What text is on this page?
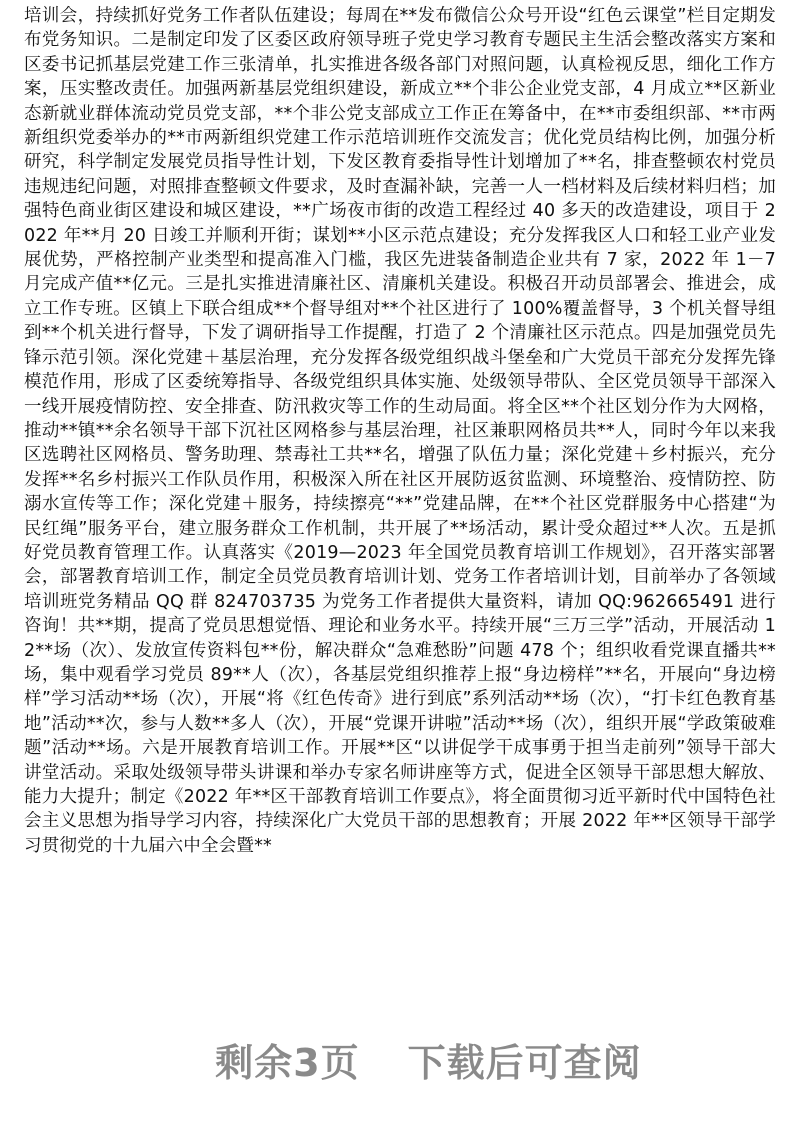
培训会，持续抓好党务工作者队伍建设；每周在**发布微信公众号开设“红色云课堂”栏目定期发布党务知识。二是制定印发了区委区政府领导班子党史学习教育专题民主生活会整改落实方案和区委书记抓基层党建工作三张清单，扎实推进各级各部门对照问题，认真检视反思，细化工作方案，压实整改责任。加强两新基层党组织建设，新成立**个非公企业党支部，4 月成立**区新业态新就业群体流动党员党支部，**个非公党支部成立工作正在筹备中，在**市委组织部、**市两新组织党委举办的**市两新组织党建工作示范培训班作交流发言；优化党员结构比例，加强分析研究，科学制定发展党员指导性计划，下发区教育委指导性计划增加了**名，排查整顿农村党员违规违纪问题，对照排查整顿文件要求，及时查漏补缺，完善一人一档材料及后续材料归档；加强特色商业街区建设和城区建设，**广场夜市街的改造工程经过 40 多天的改造建设，项目于 2022 年**月 20 日竣工并顺利开街；谋划**小区示范点建设；充分发挥我区人口和轻工业产业发展优势，严格控制产业类型和提高准入门槛，我区先进装备制造企业共有 7 家，2022 年 1－7 月完成产值**亿元。三是扎实推进清廉社区、清廉机关建设。积极召开动员部署会、推进会，成立工作专班。区镇上下联合组成**个督导组对**个社区进行了 100%覆盖督导，3 个机关督导组到**个机关进行督导，下发了调研指导工作提醒，打造了 2 个清廉社区示范点。四是加强党员先锋示范引领。深化党建＋基层治理，充分发挥各级党组织战斗堡垒和广大党员干部充分发挥先锋模范作用，形成了区委统筹指导、各级党组织具体实施、处级领导带队、全区党员领导干部深入一线开展疫情防控、安全排查、防汛救灾等工作的生动局面。将全区**个社区划分作为大网格，推动**镇**余名领导干部下沉社区网格参与基层治理，社区兼职网格员共**人，同时今年以来我区选聘社区网格员、警务助理、禁毒社工共**名，增强了队伍力量；深化党建＋乡村振兴，充分发挥**名乡村振兴工作队员作用，积极深入所在社区开展防返贫监测、环境整治、疫情防控、防溺水宣传等工作；深化党建＋服务，持续擦亮“**”党建品牌，在**个社区党群服务中心搭建“为民红绳”服务平台，建立服务群众工作机制，共开展了**场活动，累计受众超过**人次。五是抓好党员教育管理工作。认真落实《2019—2023 年全国党员教育培训工作规划》，召开落实部署会，部署教育培训工作，制定全员党员教育培训计划、党务工作者培训计划，目前举办了各领域培训班党务精品 QQ 群 824703735 为党务工作者提供大量资料，请加 QQ:962665491 进行咨询！共**期，提高了党员思想觉悟、理论和业务水平。持续开展“三万三学”活动，开展活动 12**场（次）、发放宣传资料包**份，解决群众“急难愁盼”问题 478 个；组织收看党课直播共**场，集中观看学习党员 89**人（次），各基层党组织推荐上报“身边榜样”**名，开展向“身边榜样”学习活动**场（次），开展“将《红色传奇》进行到底”系列活动**场（次），“打卡红色教育基地”活动**次，参与人数**多人（次），开展“党课开讲啦”活动**场（次），组织开展“学政策破难题”活动**场。六是开展教育培训工作。开展**区“以讲促学干成事勇于担当走前列”领导干部大讲堂活动。采取处级领导带头讲课和举办专家名师讲座等方式，促进全区领导干部思想大解放、能力大提升；制定《2022 年**区干部教育培训工作要点》，将全面贯彻习近平新时代中国特色社会主义思想为指导学习内容，持续深化广大党员干部的思想教育；开展 2022 年**区领导干部学习贯彻党的十九届六中全会暨**

剩余3页 下载后可查阅
